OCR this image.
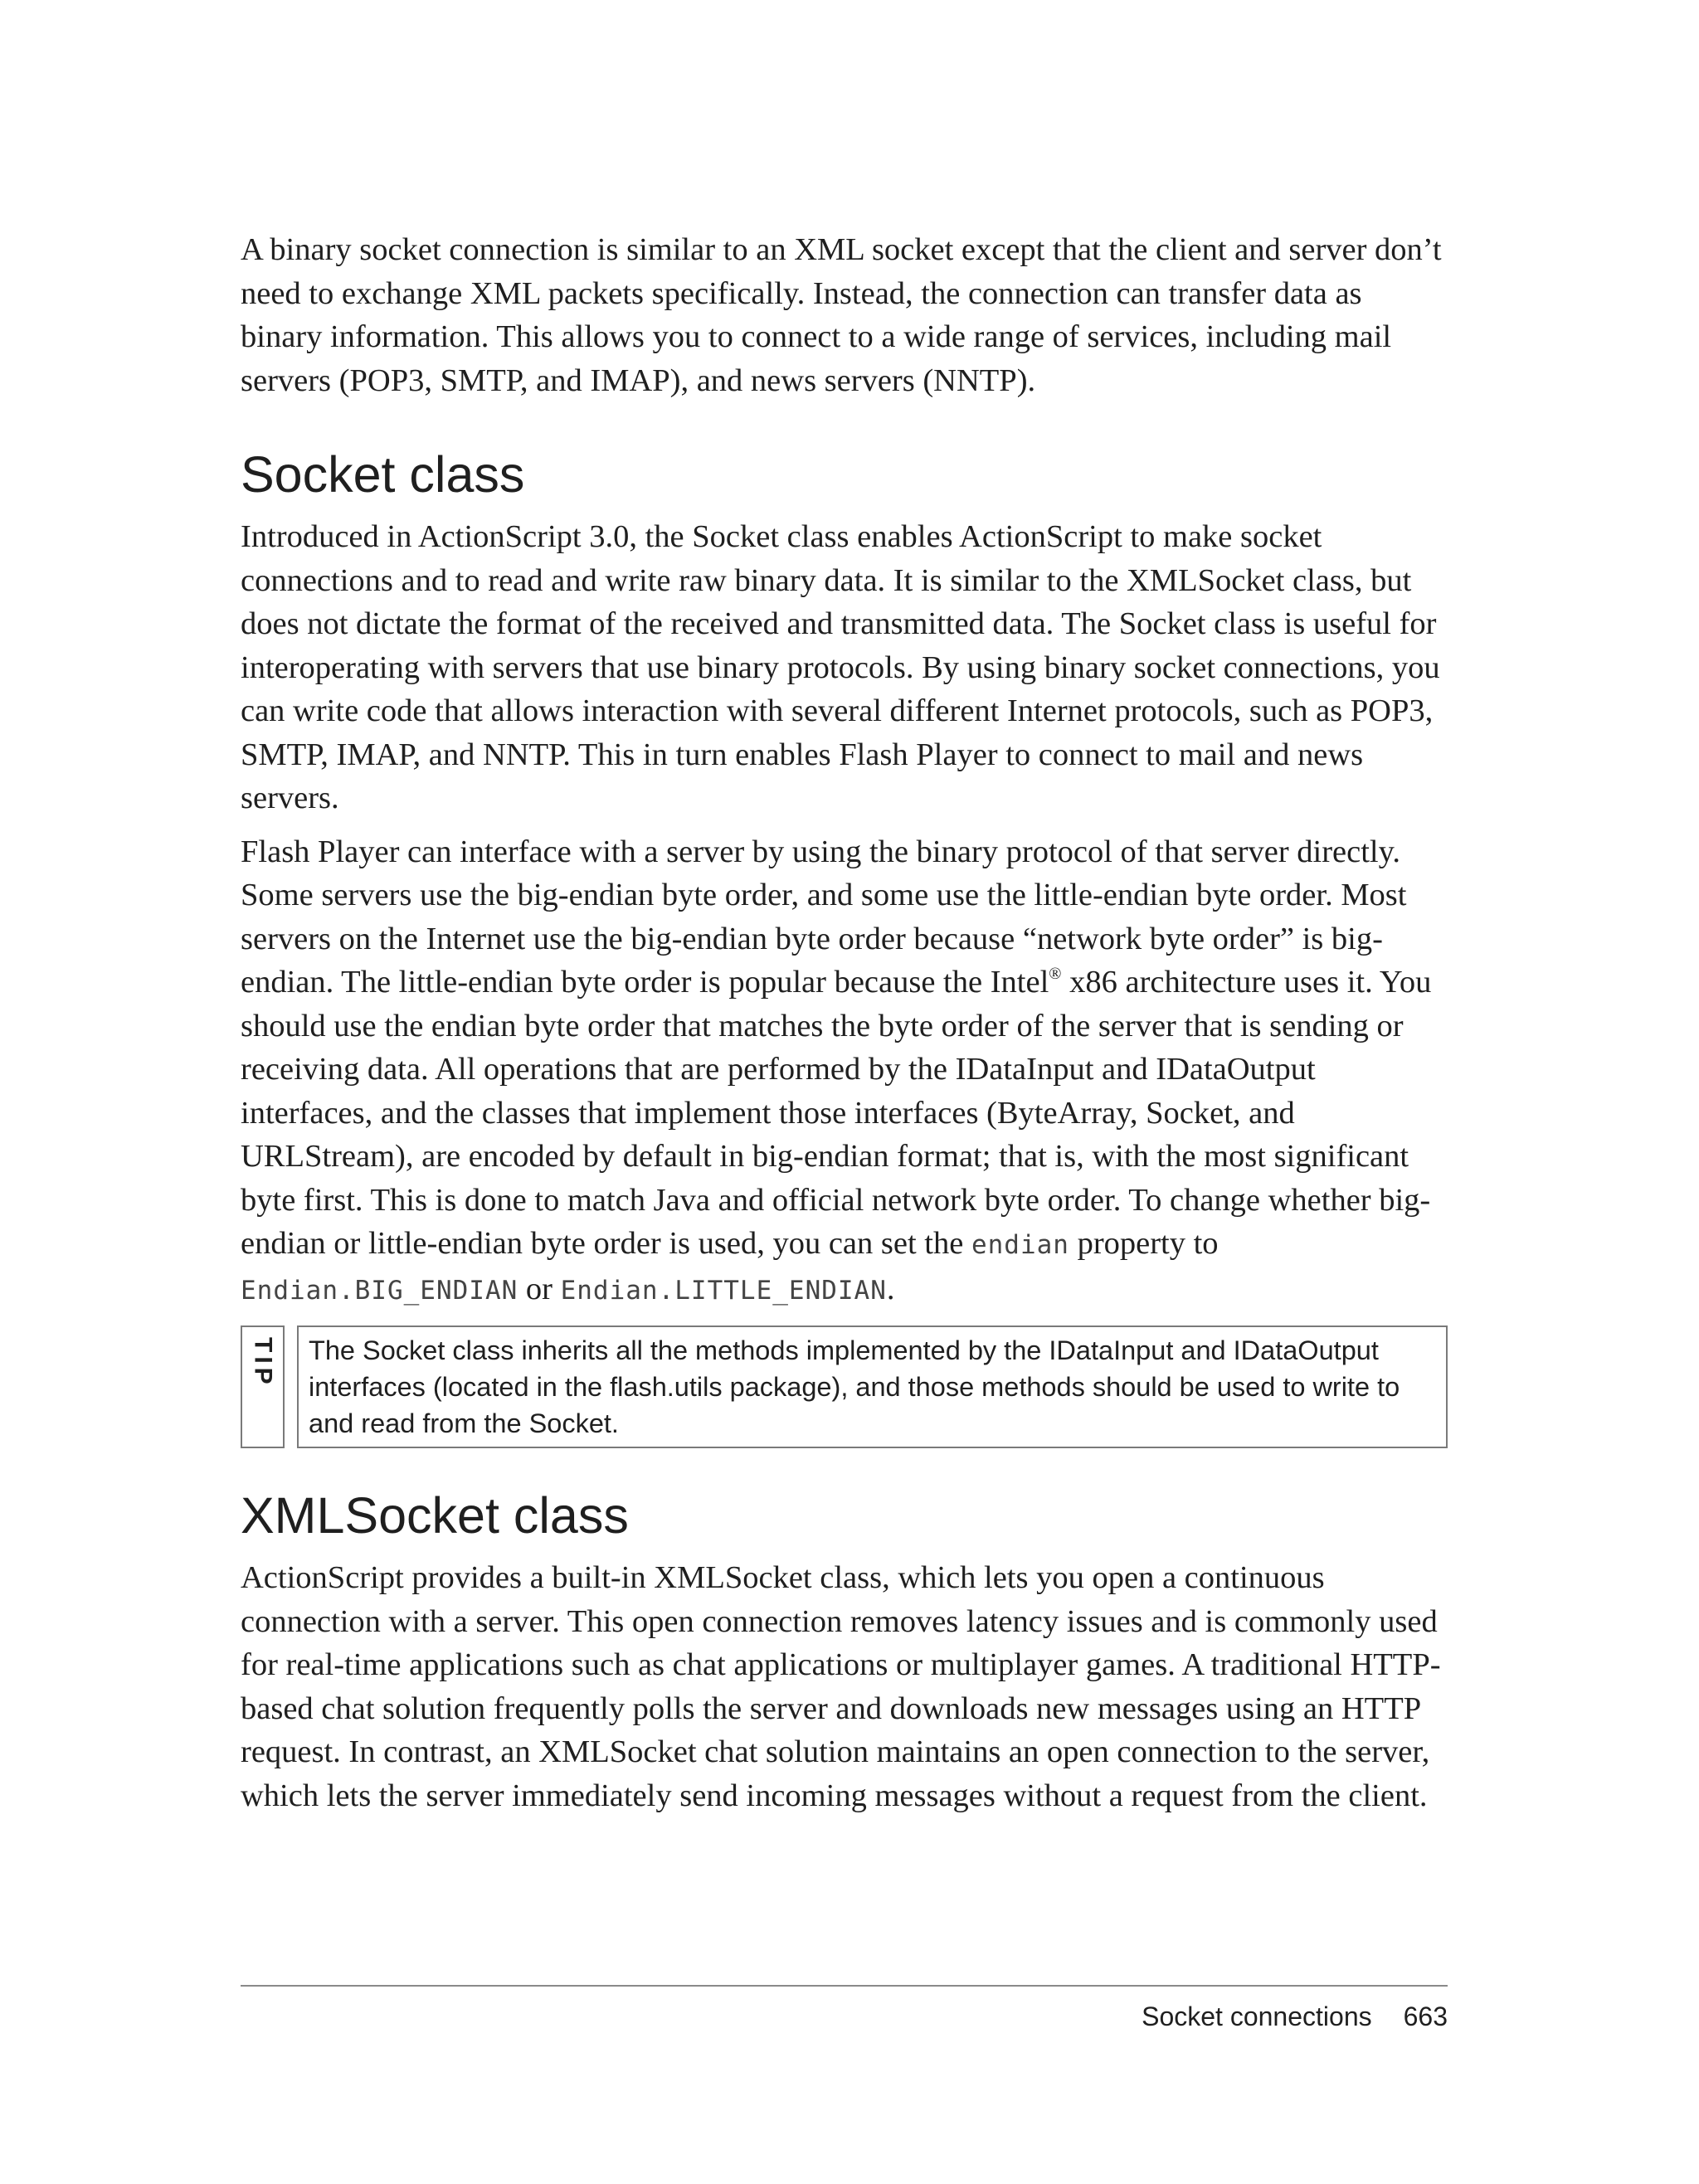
A binary socket connection is similar to an XML socket except that the client and server don’t need to exchange XML packets specifically. Instead, the connection can transfer data as binary information. This allows you to connect to a wide range of services, including mail servers (POP3, SMTP, and IMAP), and news servers (NNTP).

Socket class

Introduced in ActionScript 3.0, the Socket class enables ActionScript to make socket connections and to read and write raw binary data. It is similar to the XMLSocket class, but does not dictate the format of the received and transmitted data. The Socket class is useful for interoperating with servers that use binary protocols. By using binary socket connections, you can write code that allows interaction with several different Internet protocols, such as POP3, SMTP, IMAP, and NNTP. This in turn enables Flash Player to connect to mail and news servers.

Flash Player can interface with a server by using the binary protocol of that server directly. Some servers use the big-endian byte order, and some use the little-endian byte order. Most servers on the Internet use the big-endian byte order because “network byte order” is big-endian. The little-endian byte order is popular because the Intel® x86 architecture uses it. You should use the endian byte order that matches the byte order of the server that is sending or receiving data. All operations that are performed by the IDataInput and IDataOutput interfaces, and the classes that implement those interfaces (ByteArray, Socket, and URLStream), are encoded by default in big-endian format; that is, with the most significant byte first. This is done to match Java and official network byte order. To change whether big-endian or little-endian byte order is used, you can set the endian property to Endian.BIG_ENDIAN or Endian.LITTLE_ENDIAN.

TIP	The Socket class inherits all the methods implemented by the IDataInput and IDataOutput interfaces (located in the flash.utils package), and those methods should be used to write to and read from the Socket.
XMLSocket class

ActionScript provides a built-in XMLSocket class, which lets you open a continuous connection with a server. This open connection removes latency issues and is commonly used for real-time applications such as chat applications or multiplayer games. A traditional HTTP-based chat solution frequently polls the server and downloads new messages using an HTTP request. In contrast, an XMLSocket chat solution maintains an open connection to the server, which lets the server immediately send incoming messages without a request from the client.

Socket connections 663
